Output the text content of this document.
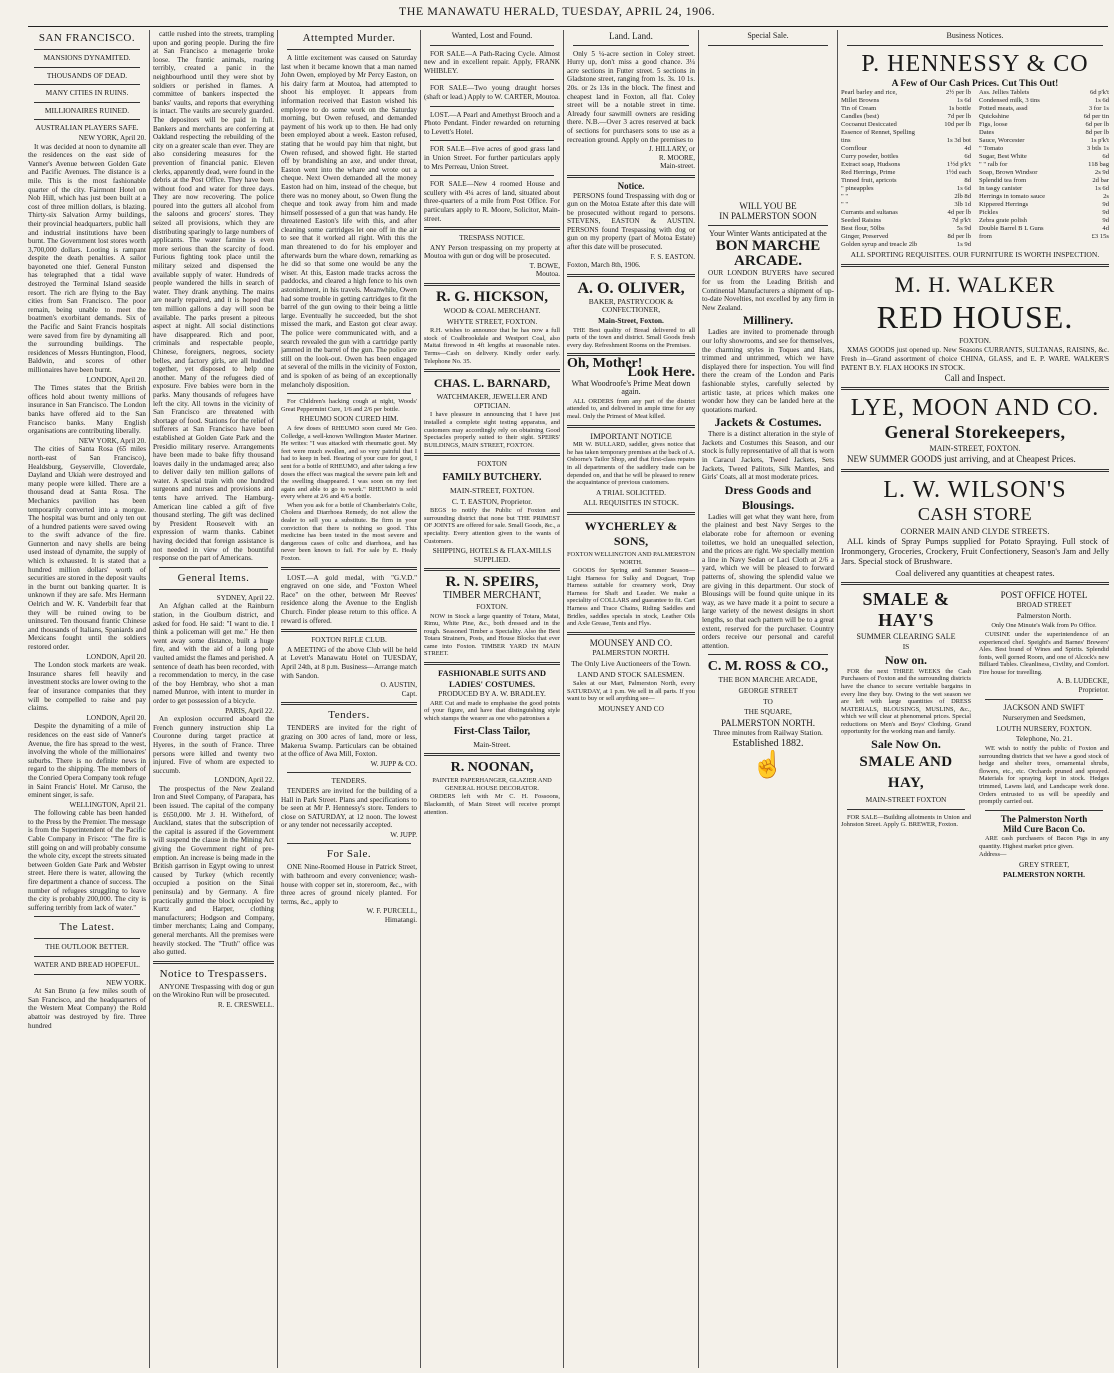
THE MANAWATU HERALD, TUESDAY, APRIL 24, 1906.
SAN FRANCISCO.
MANSIONS DYNAMITED.
THOUSANDS OF DEAD.
MANY CITIES IN RUINS.
MILLIONAIRES RUINED.
AUSTRALIAN PLAYERS SAFE.
NEW YORK, April 20.

It was decided at noon to dynamite all the residences on the east side of Vanner's Avenue between Golden Gate and Pacific Avenues. The distance is a mile. This is the most fashionable quarter of the city. Fairmont Hotel on Nob Hill, which has just been built at a cost of three million dollars, is blazing. Thirty-six Salvation Army buildings, their provincial headquarters, public hall and industrial institutions have been burnt. The Government lost stores worth 3,700,000 dollars. Looting is rampant despite the death penalties. A sailor bayoneted one thief. General Funston has telegraphed that a tidal wave destroyed the Terminal Island seaside resort. The rich are flying to the Bay cities from San Francisco. The poor remain, being unable to meet the boatmen's exorbitant demands. Six of the Pacific and Saint Francis hospitals were saved from fire by dynamiting all the surrounding buildings. The residences of Messrs Huntington, Flood, Baldwin, and scores of other millionaires have been burnt.

LONDON, April 20.

The Times states that the British offices hold about twenty millions of insurance in San Francisco. The London banks have offered aid to the San Francisco banks. Many English organisations are contributing liberally.

NEW YORK, April 20.

The cities of Santa Rosa (65 miles north-east of San Francisco), Healdsburg, Geyserville, Cloverdale, Dayland and Ukiah were destroyed and many people were killed. There are a thousand dead at Santa Rosa. The Mechanics pavilion has been temporarily converted into a morgue. The hospital was burnt and only ten out of a hundred patients were saved owing to the swift advance of the fire. Gunnerton and navy shells are being used instead of dynamite, the supply of which is exhausted. It is stated that a hundred million dollars' worth of securities are stored in the deposit vaults in the burnt out banking quarter. It is unknown if they are safe. Mrs Hermann Oelrich and W. K. Vanderbilt fear that they will be ruined owing to be uninsured. Ten thousand frantic Chinese and thousands of Italians, Spaniards and Mexicans fought until the soldiers restored order.

LONDON, April 20.

The London stock markets are weak. Insurance shares fell heavily and investment stocks are lower owing to the fear of insurance companies that they will be compelled to raise and pay claims.

LONDON, April 20.

Despite the dynamiting of a mile of residences on the east side of Vanner's Avenue, the fire has spread to the west, involving the whole of the millionaires' suburbs. There is no definite news in regard to the shipping. The members of the Conried Opera Company took refuge in Saint Francis' Hotel. Mr Caruso, the eminent singer, is safe.

WELLINGTON, April 21.

The following cable has been handed to the Press by the Premier. The message is from the Superintendent of the Pacific Cable Company in Frisco: "The fire is still going on and will probably consume the whole city, except the streets situated between Golden Gate Park and Webster street. Here there is water, allowing the fire department a chance of success. The number of refugees struggling to leave the city is probably 200,000. The city is suffering terribly from lack of water."

The Latest.
THE OUTLOOK BETTER.
WATER AND BREAD HOPEFUL.
NEW YORK.

At San Bruno (a few miles south of San Francisco, and the headquarters of the Western Meat Company) the Rold abattoir was destroyed by fire. Three hundred

cattle rushed into the streets, trampling upon and goring people. During the fire at San Francisco a menagerie broke loose. The frantic animals, roaring terribly, created a panic in the neighbourhood until they were shot by soldiers or perished in flames. A committee of bankers inspected the banks' vaults, and reports that everything is intact. The vaults are securely guarded. The depositors will be paid in full. Bankers and merchants are conferring at Oakland respecting the rebuilding of the city on a greater scale than ever. They are also considering measures for the prevention of financial panic. Eleven clerks, apparently dead, were found in the debris at the Post Office. They have been without food and water for three days. They are now recovering. The police poured into the gutters all alcohol from the saloons and grocers' stores. They seized all provisions, which they are distributing sparingly to large numbers of applicants. The water famine is even more serious than the scarcity of food. Furious fighting took place until the military seized and dispensed the available supply of water. Hundreds of people wandered the hills in search of water. They drank anything. The mains are nearly repaired, and it is hoped that ten million gallons a day will soon be available. The parks present a piteous aspect at night. All social distinctions have disappeared. Rich and poor, criminals and respectable people, Chinese, foreigners, negroes, society belles, and factory girls, are all huddled together, yet disposed to help one another. Many of the refugees died of exposure. Five babies were born in the parks. Many thousands of refugees have left the city. All towns in the vicinity of San Francisco are threatened with shortage of food. Stations for the relief of sufferers at San Francisco have been established at Golden Gate Park and the Presidio military reserve. Arrangements have been made to bake fifty thousand loaves daily in the undamaged area; also to deliver daily ten million gallons of water. A special train with one hundred surgeons and nurses and provisions and tents have arrived. The Hamburg-American line cabled a gift of five thousand sterling. The gift was declined by President Roosevelt with an expression of warm thanks. Cabinet having decided that foreign assistance is not needed in view of the bountiful response on the part of Americans.

General Items.
SYDNEY, April 22.

An Afghan called at the Rainburn station, in the Goulburn district, and asked for food. He said: "I want to die. I think a policeman will get me." He then went away some distance, built a huge fire, and with the aid of a long pole vaulted amidst the flames and perished. A sentence of death has been recorded, with a recommendation to mercy, in the case of the boy Hembray, who shot a man named Munroe, with intent to murder in order to get possession of a bicycle.

PARIS, April 22.

An explosion occurred aboard the French gunnery instruction ship La Couronne during target practice at Hyeres, in the south of France. Three persons were killed and twenty two injured. Five of whom are expected to succumb.

LONDON, April 22.

The prospectus of the New Zealand Iron and Steel Company, of Parapara, has been issued. The capital of the company is £650,000. Mr J. H. Witheford, of Auckland, states that the subscription of the capital is assured if the Government will suspend the clause in the Mining Act giving the Government right of pre-emption. An increase is being made in the British garrison in Egypt owing to unrest caused by Turkey (which recently occupied a position on the Sinai peninsula) and by Germany. A fire practically gutted the block occupied by Kurtz and Harper, clothing manufacturers; Hodgson and Company, timber merchants; Laing and Company, general merchants. All the premises were heavily stocked. The "Truth" office was also gutted.

Notice to Trespassers.

ANYONE Trespassing with dog or gun on the Wirokino Run will be prosecuted.

R. E. CRESWELL.
Attempted Murder.

A little excitement was caused on Saturday last when it became known that a man named John Owen, employed by Mr Percy Easton, on his dairy farm at Moutoa, had attempted to shoot his employer. It appears from information received that Easton wished his employee to do some work on the Saturday morning, but Owen refused, and demanded payment of his work up to then. He had only been employed about a week. Easton refused, stating that he would pay him that night, but Owen refused, and showed fight. He started off by brandishing an axe, and under threat, Easton went into the whare and wrote out a cheque. Next Owen demanded all the money Easton had on him, instead of the cheque, but there was no money about, so Owen flung the cheque and took away from him and made himself possessed of a gun that was handy. He threatened Easton's life with this, and after cleaning some cartridges let one off in the air to see that it worked all right. With this the man threatened to do for his employer and afterwards burn the whare down, remarking as he did so that some one would be any the wiser. At this, Easton made tracks across the paddocks, and cleared a high fence to his own astonishment, in his travels. Meanwhile, Owen had some trouble in getting cartridges to fit the barrel of the gun owing to their being a little large. Eventually he succeeded, but the shot missed the mark, and Easton got clear away. The police were communicated with, and a search revealed the gun with a cartridge partly jammed in the barrel of the gun. The police are still on the look-out. Owen has been engaged at several of the mills in the vicinity of Foxton, and is spoken of as being of an exceptionally melancholy disposition.

For Children's hacking cough at night, Woods' Great Peppermint Cure, 1/6 and 2/6 per bottle.

RHEUMO SOON CURED HIM.

A few doses of RHEUMO soon cured Mr Geo. Colledge, a well-known Wellington Master Mariner. He writes: "I was attacked with rheumatic gout. My feet were much swollen, and so very painful that I had to keep in bed. Hearing of your cure for gout, I sent for a bottle of RHEUMO, and after taking a few doses the effect was magical the severe pain left and the swelling disappeared. I was soon on my feet again and able to go to work." RHEUMO is sold every where at 2/6 and 4/6 a bottle.

When you ask for a bottle of Chamberlain's Colic, Cholera and Diarrhoea Remedy, do not allow the dealer to sell you a substitute. Be firm in your conviction that there is nothing so good. This medicine has been tested in the most severe and dangerous cases of colic and diarrhoea, and has never been known to fail. For sale by E. Healy Foxton.

LOST.—A gold medal, with "G.V.D." engraved on one side, and "Foxton Wheel Race" on the other, between Mr Reeves' residence along the Avenue to the English Church. Finder please return to this office. A reward is offered.

FOXTON RIFLE CLUB.

A MEETING of the above Club will be held at Levett's Manawatu Hotel on TUESDAY, April 24th, at 8 p.m. Business—Arrange match with Sandon.

O. AUSTIN,
Capt.
Tenders.

TENDERS are invited for the right of grazing on 300 acres of land, more or less, Makerua Swamp. Particulars can be obtained at the office of Awa Mill, Foxton.

W. JUPP & CO.
TENDERS.

TENDERS are invited for the building of a Hall in Park Street. Plans and specifications to be seen at Mr P. Hennessy's store. Tenders to close on SATURDAY, at 12 noon. The lowest or any tender not necessarily accepted.

W. JUPP.
For Sale.

ONE Nine-Roomed House in Patrick Street, with bathroom and every convenience; wash-house with copper set in, storeroom, &c., with three acres of ground nicely planted. For terms, &c., apply to

W. F. PURCELL,
Himatangi.
Wanted, Lost and Found.

FOR SALE—A Path-Racing Cycle. Almost new and in excellent repair. Apply, FRANK WHIBLEY.

FOR SALE—Two young draught horses (shaft or lead.) Apply to W. CARTER, Moutoa.

LOST.—A Pearl and Amethyst Brooch and a Photo Pendant. Finder rewarded on returning to Levett's Hotel.

FOR SALE—Five acres of good grass land in Union Street. For further particulars apply to Mrs Perreau, Union Street.

FOR SALE—New 4 roomed House and scullery with 4¼ acres of land, situated about three-quarters of a mile from Post Office. For particulars apply to R. Moore, Solicitor, Main-street.

TRESPASS NOTICE.

ANY Person trespassing on my property at Moutoa with gun or dog will be prosecuted.

T. BOWE,
Moutoa.
R. G. HICKSON,
WOOD & COAL MERCHANT.
WHYTE STREET, FOXTON.

R.H. wishes to announce that he has now a full stock of Coalbrookdale and Westport Coal, also Maitai firewood in 4ft lengths at reasonable rates. Terms—Cash on delivery. Kindly order early. Telephone No. 35.

CHAS. L. BARNARD,
WATCHMAKER, JEWELLER AND OPTICIAN.

I have pleasure in announcing that I have just installed a complete sight testing apparatus, and customers may accordingly rely on obtaining Good Spectacles properly suited to their sight. SPEIRS' BUILDINGS, MAIN STREET, FOXTON.

FOXTON
FAMILY BUTCHERY.
MAIN-STREET, FOXTON.
C. T. EASTON, Proprietor.

BEGS to notify the Public of Foxton and surrounding district that none but THE PRIMEST OF JOINTS are offered for sale. Small Goods, &c., a speciality. Every attention given to the wants of Customers.

SHIPPING, HOTELS & FLAX-MILLS SUPPLIED.
R. N. SPEIRS,
TIMBER MERCHANT,
FOXTON.

NOW in Stock a large quantity of Totara, Matai, Rimu, White Pine, &c., both dressed and in the rough. Seasoned Timber a Speciality. Also the Best Totara Strainers, Posts, and House Blocks that ever came into Foxton. TIMBER YARD IN MAIN STREET.

FASHIONABLE SUITS AND
LADIES' COSTUMES.
PRODUCED BY A. W. BRADLEY.

ARE Cut and made to emphasise the good points of your figure, and have that distinguishing style which stamps the wearer as one who patronises a

First-Class Tailor,
Main-Street.
R. NOONAN,
PAINTER PAPERHANGER, GLAZIER AND GENERAL HOUSE DECORATOR.

ORDERS left with Mr C. H. Fossoons, Blacksmith, of Main Street will receive prompt attention.

Land. Land.

Only 5 ¼-acre section in Coley street. Hurry up, don't miss a good chance. 3¼ acre sections in Futter street. 5 sections in Gladstone street, ranging from 1s. 3s. 10 1s. 20s. or 2s 13s in the block. The finest and cheapest land in Foxton, all flat. Coley street will be a notable street in time. Already four sawmill owners are residing there. N.B.—Over 3 acres reserved at back of sections for purchasers sons to use as a recreation ground. Apply on the premises to

J. HILLARY, or
R. MOORE,
Main-street.
Notice.

PERSONS found Trespassing with dog or gun on the Motoa Estate after this date will be prosecuted without regard to persons. STEVENS, EASTON & AUSTIN. PERSONS found Trespassing with dog or gun on my property (part of Motoa Estate) after this date will be prosecuted.

F. S. EASTON.
Foxton, March 8th, 1906.
A. O. OLIVER,
BAKER, PASTRYCOOK & CONFECTIONER,
Main-Street, Foxton.

THE Best quality of Bread delivered to all parts of the town and district. Small Goods fresh every day. Refreshment Rooms on the Premises.

Oh, Mother!
Look Here.
What Woodroofe's Prime Meat down again.

ALL ORDERS from any part of the district attended to, and delivered in ample time for any meal. Only the Primest of Meat killed.

IMPORTANT NOTICE

MR W. BULLARD, saddler, gives notice that he has taken temporary premises at the back of A. Osborne's Tailor Shop, and that first-class repairs in all departments of the saddlery trade can be depended on, and that he will be pleased to renew the acquaintance of previous customers.

A TRIAL SOLICITED.
ALL REQUISITES IN STOCK.
WYCHERLEY & SONS,
FOXTON WELLINGTON AND PALMERSTON NORTH.

GOODS for Spring and Summer Season— Light Harness for Sulky and Dogcart, Trap Harness suitable for creamery work, Dray Harness for Shaft and Leader. We make a speciality of COLLARS and guarantee to fit. Cart Harness and Trace Chains, Riding Saddles and Bridles, saddles specials in stock, Leather Oils and Axle Grease, Tents and Flys.

MOUNSEY AND CO.
PALMERSTON NORTH.
The Only Live Auctioneers of the Town.
LAND AND STOCK SALESMEN.

Sales at our Mart, Palmerston North, every SATURDAY, at 1 p.m. We sell in all parts. If you want to buy or sell anything see—

MOUNSEY AND CO
Special Sale.
WILL YOU BE
IN PALMERSTON SOON
Your Winter Wants anticipated at the
BON MARCHE
ARCADE.

OUR LONDON BUYERS have secured for us from the Leading British and Continental Manufacturers a shipment of up-to-date Novelties, not excelled by any firm in New Zealand.

Millinery.

Ladies are invited to promenade through our lofty showrooms, and see for themselves, the charming styles in Toques and Hats, trimmed and untrimmed, which we have displayed there for inspection. You will find there the cream of the London and Paris fashionable styles, carefully selected by artistic taste, at prices which makes one wonder how they can be landed here at the quotations marked.

Jackets & Costumes.

There is a distinct alteration in the style of Jackets and Costumes this Season, and our stock is fully representative of all that is worn in Caracul Jackets, Tweed Jackets, Sets Jackets, Tweed Palitots, Silk Mantles, and Girls' Coats, all at most moderate prices.

Dress Goods and
Blousings.

Ladies will get what they want here, from the plainest and best Navy Serges to the elaborate robe for afternoon or evening toilettes, we hold an unequalled selection, and the prices are right. We specially mention a line in Navy Sedan or Laci Cloth at 2/6 a yard, which we will be pleased to forward patterns of, showing the splendid value we are giving in this department. Our stock of Blousings will be found quite unique in its way, as we have made it a point to secure a large variety of the newest designs in short lengths, so that each pattern will be to a great extent, reserved for the purchaser. Country orders receive our personal and careful attention.

C. M. ROSS & CO.,
THE BON MARCHE ARCADE,
GEORGE STREET
TO
THE SQUARE,
PALMERSTON NORTH.
Three minutes from Railway Station.
Established 1882.
☝
Business Notices.
P. HENNESSY & CO
A Few of Our Cash Prices. Cut This Out!
Pearl barley and rice,	2½ per lb
Millet Browns	1s 6d
Tin of Cream	1s bottle
Candles (best)	7d per lb
Cocoanut Desiccated	10d per lb
Essence of Rennet, Spelling
tins	1s 3d bot
Cornflour	4d
Curry powder, bottles	6d
Extract soap, Hudsons	1½d p'k't
Red Herrings, Prime	1½d each
Tinned fruit, apricots	8d
" pineapples	1s 6d
" "	2lb 8d
" "	3lb 1d
Currants and sultanas	4d per lb
Seeded Raisins	7d p'k't
Best flour, 50lbs	5s 9d
Ginger, Preserved	8d per lb
Golden syrup and treacle 2lb	1s 9d
Ass. Jellies Tablets	6d p'k't
Condensed milk, 3 tins	1s 6d
Potted meats, assd	3 for 1s
Quickshine	6d per tin
Figs, loose	6d per lb
Dates	8d per lb
Sauce, Worcester	1s p'k't
" Tomato	3 btls 1s
Sugar, Best White	6d
" " ralb for	118 bag
Soap, Brown Windsor	2s 9d
Splendid tea from	2d bar
In tasgy canister	1s 6d
Herrings in tomato sauce	2s
Kippered Herrings	9d
Pickles	9d
Zebra grate polish	9d
Double Barrel B L Guns	4d
from	£3 15s
ALL SPORTING REQUISITES. OUR FURNITURE IS WORTH INSPECTION.
M. H. WALKER
RED HOUSE.
FOXTON.

XMAS GOODS just opened up. New Seasons CURRANTS, SULTANAS, RAISINS, &c. Fresh in—Grand assortment of choice CHINA, GLASS, and E. P. WARE. WALKER'S PATENT B.Y. FLAX HOOKS IN STOCK.

Call and Inspect.
LYE, MOON AND CO.
General Storekeepers,
MAIN-STREET, FOXTON.

NEW SUMMER GOODS just arriving, and at Cheapest Prices.

L. W. WILSON'S
CASH STORE
CORNER MAIN AND CLYDE STREETS.

ALL kinds of Spray Pumps supplied for Potato Spraying. Full stock of Ironmongery, Groceries, Crockery, Fruit Confectionery, Season's Jam and Jelly Jars. Special stock of Brushware.

Coal delivered any quantities at cheapest rates.
SMALE & HAY'S
SUMMER CLEARING SALE
IS
Now on.

FOR the next THREE WEEKS the Cash Purchasers of Foxton and the surrounding districts have the chance to secure veritable bargains in every line they buy. Owing to the wet season we are left with large quantities of DRESS MATERIALS, BLOUSINGS, MUSLINS, &c., which we will clear at phenomenal prices. Special reductions on Men's and Boys' Clothing. Grand opportunity for the working man and family.

Sale Now On.
SMALE AND HAY,
MAIN-STREET FOXTON

FOR SALE—Building allotments in Union and Johnston Street. Apply G. BREWER, Foxton.

POST OFFICE HOTEL
BROAD STREET
Palmerston North.
Only One Minute's Walk from Po Office.

CUISINE under the superintendence of an experienced chef. Speight's and Barnes' Brewers' Ales. Best brand of Wines and Spirits. Splendid fonts, well gorned Room, and one of Alcock's new Billiard Tables. Cleanliness, Civility, and Comfort. Fire house for travelling.

A. B. LUDECKE,
Proprietor.
JACKSON AND SWIFT
Nurserymen and Seedsmen,
LOUTH NURSERY, FOXTON.
Telephone, No. 21.

WE wish to notify the public of Foxton and surrounding districts that we have a good stock of hedge and shelter trees, ornamental shrubs, flowers, etc., etc. Orchards pruned and sprayed. Materials for spraying kept in stock. Hedges trimmed, Lawns laid, and Landscape work done. Orders entrusted to us will be speedily and promptly carried out.

The Palmerston North
Mild Cure Bacon Co.

ARE cash purchasers of Bacon Pigs in any quantity. Highest market price given.

Address—
GREY STREET,
PALMERSTON NORTH.
